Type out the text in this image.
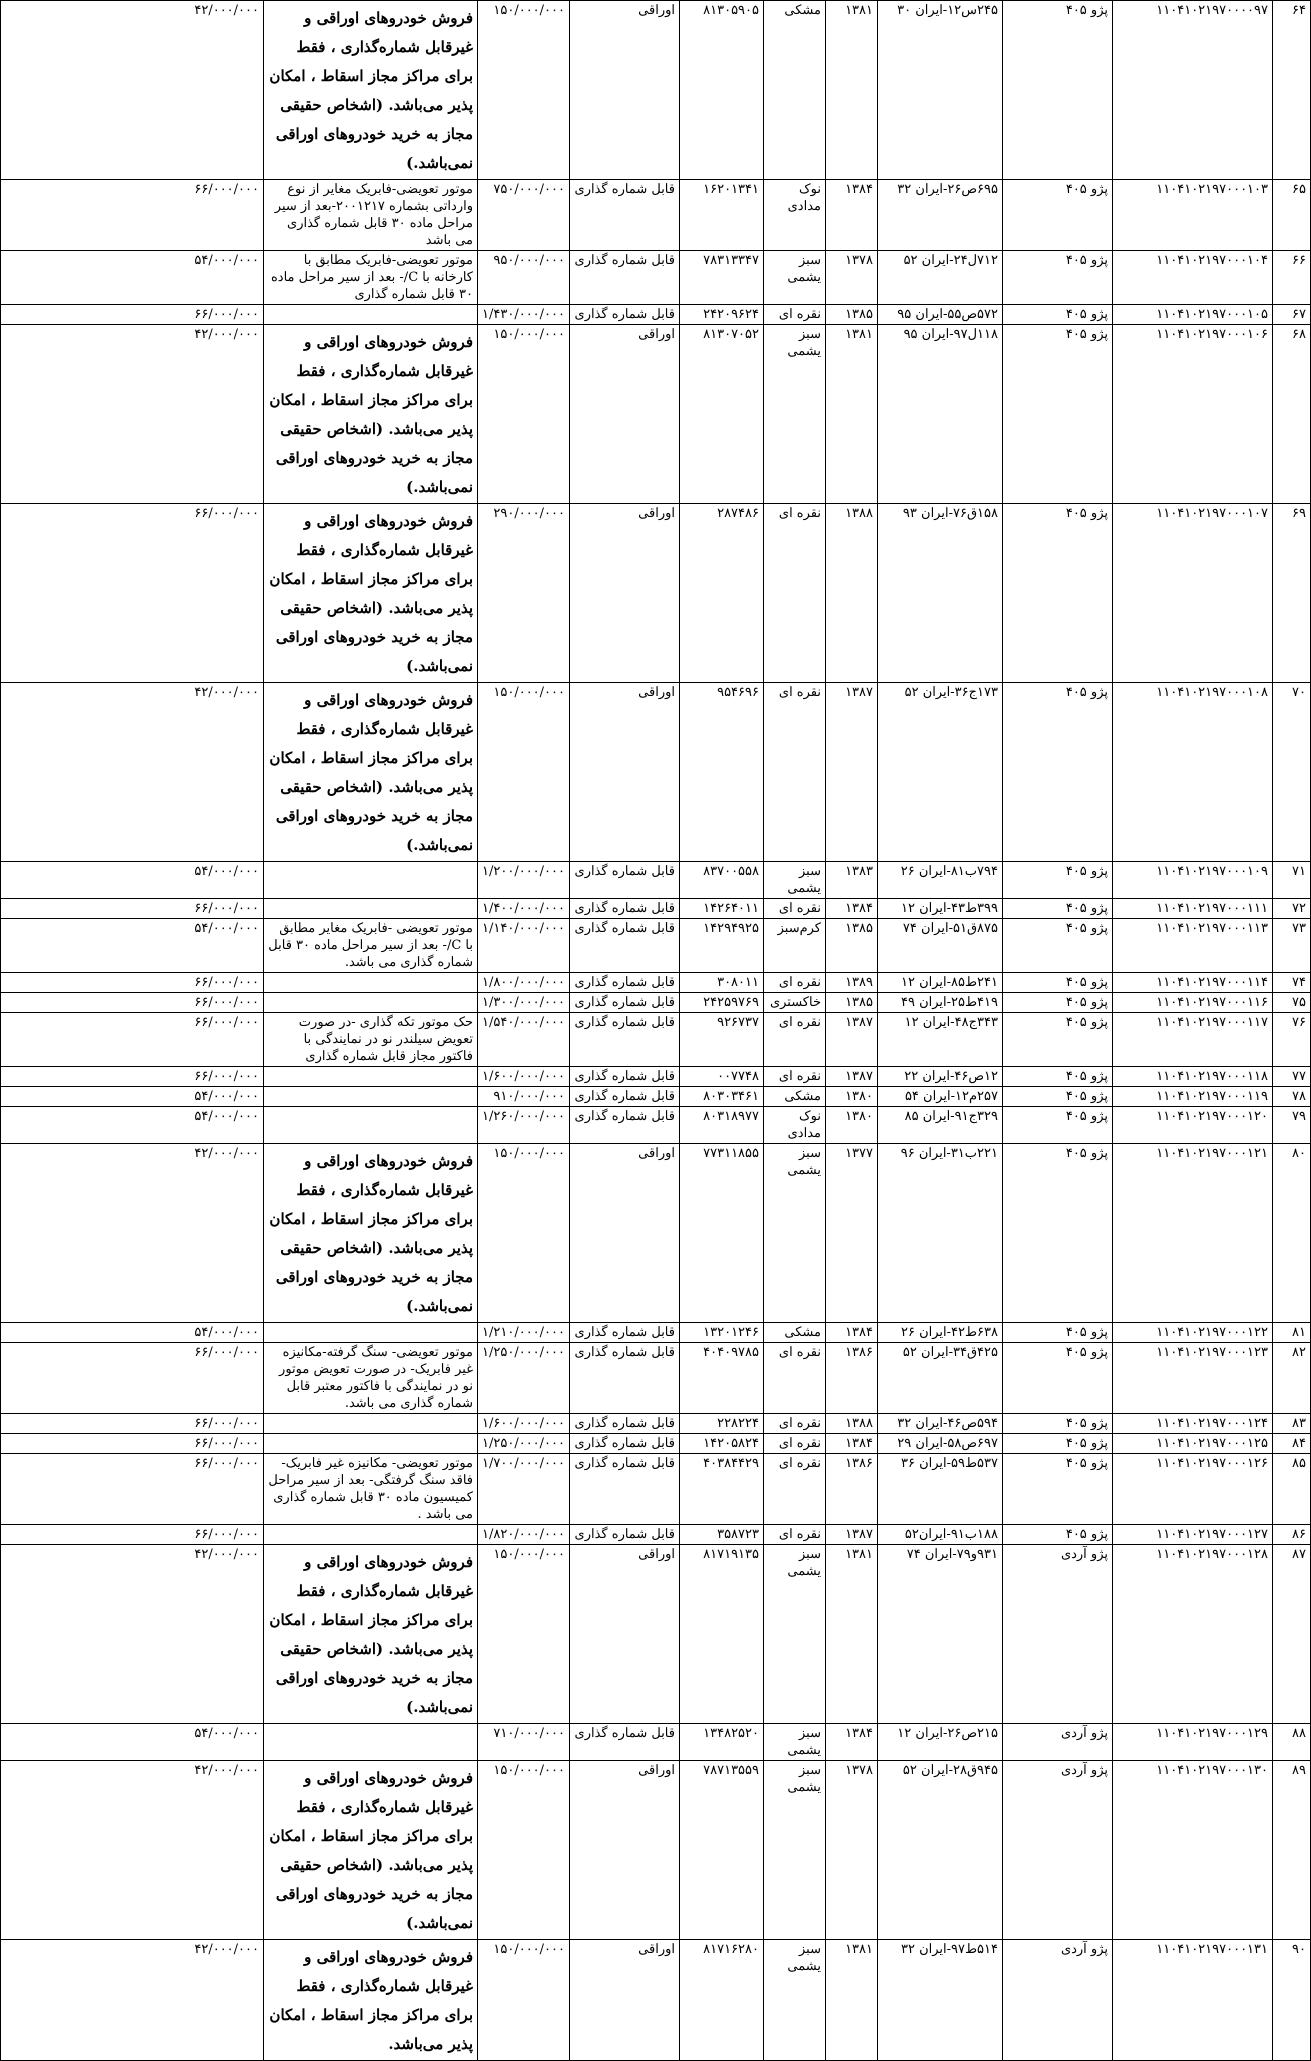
۶۴	۱۱۰۴۱۰۲۱۹۷۰۰۰۰۹۷	پژو ۴۰۵	۲۴۵س۱۲-ایران ۳۰	۱۳۸۱	مشکی	۸۱۳۰۵۹۰۵	اوراقی	۱۵۰/۰۰۰/۰۰۰	فروش خودروهای اوراقی و غیرقابل شماره‌گذاری ، فقط برای مراکز مجاز اسقاط ، امکان پذیر می‌باشد. (اشخاص حقیقی مجاز به خرید خودروهای اوراقی نمی‌باشد.)	۴۲/۰۰۰/۰۰۰
۶۵	۱۱۰۴۱۰۲۱۹۷۰۰۰۱۰۳	پژو ۴۰۵	۶۹۵ص۲۶-ایران ۳۲	۱۳۸۴	نوک مدادی	۱۶۲۰۱۳۴۱	قابل شماره گذاری	۷۵۰/۰۰۰/۰۰۰	موتور تعویضی-فابریک مغایر از نوع وارداتی بشماره ۲۰۰۱۲۱۷-بعد از سیر مراحل ماده ۳۰ قابل شماره گذاری می باشد	۶۶/۰۰۰/۰۰۰
۶۶	۱۱۰۴۱۰۲۱۹۷۰۰۰۱۰۴	پژو ۴۰۵	۷۱۲ل۲۴-ایران ۵۲	۱۳۷۸	سبز یشمی	۷۸۳۱۳۳۴۷	قابل شماره گذاری	۹۵۰/۰۰۰/۰۰۰	موتور تعویضی-فابریک مطابق با کارخانه با C/- بعد از سیر مراحل ماده ۳۰ قابل شماره گذاری	۵۴/۰۰۰/۰۰۰
۶۷	۱۱۰۴۱۰۲۱۹۷۰۰۰۱۰۵	پژو ۴۰۵	۵۷۲ص۵۵-ایران ۹۵	۱۳۸۵	نقره ای	۲۴۲۰۹۶۲۴	قابل شماره گذاری	۱/۴۳۰/۰۰۰/۰۰۰		۶۶/۰۰۰/۰۰۰
۶۸	۱۱۰۴۱۰۲۱۹۷۰۰۰۱۰۶	پژو ۴۰۵	۱۱۸ل۹۷-ایران ۹۵	۱۳۸۱	سبز یشمی	۸۱۳۰۷۰۵۲	اوراقی	۱۵۰/۰۰۰/۰۰۰	فروش خودروهای اوراقی و غیرقابل شماره‌گذاری ، فقط برای مراکز مجاز اسقاط ، امکان پذیر می‌باشد. (اشخاص حقیقی مجاز به خرید خودروهای اوراقی نمی‌باشد.)	۴۲/۰۰۰/۰۰۰
۶۹	۱۱۰۴۱۰۲۱۹۷۰۰۰۱۰۷	پژو ۴۰۵	۱۵۸ق۷۶-ایران ۹۳	۱۳۸۸	نقره ای	۲۸۷۴۸۶	اوراقی	۲۹۰/۰۰۰/۰۰۰	فروش خودروهای اوراقی و غیرقابل شماره‌گذاری ، فقط برای مراکز مجاز اسقاط ، امکان پذیر می‌باشد. (اشخاص حقیقی مجاز به خرید خودروهای اوراقی نمی‌باشد.)	۶۶/۰۰۰/۰۰۰
۷۰	۱۱۰۴۱۰۲۱۹۷۰۰۰۱۰۸	پژو ۴۰۵	۱۷۳ج۳۶-ایران ۵۲	۱۳۸۷	نقره ای	۹۵۴۶۹۶	اوراقی	۱۵۰/۰۰۰/۰۰۰	فروش خودروهای اوراقی و غیرقابل شماره‌گذاری ، فقط برای مراکز مجاز اسقاط ، امکان پذیر می‌باشد. (اشخاص حقیقی مجاز به خرید خودروهای اوراقی نمی‌باشد.)	۴۲/۰۰۰/۰۰۰
۷۱	۱۱۰۴۱۰۲۱۹۷۰۰۰۱۰۹	پژو ۴۰۵	۷۹۴ب۸۱-ایران ۲۶	۱۳۸۳	سبز یشمی	۸۳۷۰۰۵۵۸	قابل شماره گذاری	۱/۲۰۰/۰۰۰/۰۰۰		۵۴/۰۰۰/۰۰۰
۷۲	۱۱۰۴۱۰۲۱۹۷۰۰۰۱۱۱	پژو ۴۰۵	۳۹۹ط۴۳-ایران ۱۲	۱۳۸۴	نقره ای	۱۴۲۶۴۰۱۱	قابل شماره گذاری	۱/۴۰۰/۰۰۰/۰۰۰		۶۶/۰۰۰/۰۰۰
۷۳	۱۱۰۴۱۰۲۱۹۷۰۰۰۱۱۳	پژو ۴۰۵	۸۷۵ق۵۱-ایران ۷۴	۱۳۸۵	کرم‌سبز	۱۴۲۹۴۹۲۵	قابل شماره گذاری	۱/۱۴۰/۰۰۰/۰۰۰	موتور تعویضی -فابریک مغایر مطابق با C/- بعد از سیر مراحل ماده ۳۰ قابل شماره گذاری می باشد.	۵۴/۰۰۰/۰۰۰
۷۴	۱۱۰۴۱۰۲۱۹۷۰۰۰۱۱۴	پژو ۴۰۵	۲۴۱ط۸۵-ایران ۱۲	۱۳۸۹	نقره ای	۳۰۸۰۱۱	قابل شماره گذاری	۱/۸۰۰/۰۰۰/۰۰۰		۶۶/۰۰۰/۰۰۰
۷۵	۱۱۰۴۱۰۲۱۹۷۰۰۰۱۱۶	پژو ۴۰۵	۴۱۹ط۲۵-ایران ۴۹	۱۳۸۵	خاکستری	۲۴۲۵۹۷۶۹	قابل شماره گذاری	۱/۳۰۰/۰۰۰/۰۰۰		۶۶/۰۰۰/۰۰۰
۷۶	۱۱۰۴۱۰۲۱۹۷۰۰۰۱۱۷	پژو ۴۰۵	۳۴۳ج۴۸-ایران ۱۲	۱۳۸۷	نقره ای	۹۲۶۷۳۷	قابل شماره گذاری	۱/۵۴۰/۰۰۰/۰۰۰	حک موتور تکه گذاری -در صورت تعویض سیلندر نو در نمایندگی با فاکتور مجاز قابل شماره گذاری	۶۶/۰۰۰/۰۰۰
۷۷	۱۱۰۴۱۰۲۱۹۷۰۰۰۱۱۸	پژو ۴۰۵	۱۲ص۴۶-ایران ۲۲	۱۳۸۷	نقره ای	۰۰۷۷۴۸	قابل شماره گذاری	۱/۶۰۰/۰۰۰/۰۰۰		۶۶/۰۰۰/۰۰۰
۷۸	۱۱۰۴۱۰۲۱۹۷۰۰۰۱۱۹	پژو ۴۰۵	۲۵۷م۱۲-ایران ۵۴	۱۳۸۰	مشکی	۸۰۳۰۳۴۶۱	قابل شماره گذاری	۹۱۰/۰۰۰/۰۰۰		۵۴/۰۰۰/۰۰۰
۷۹	۱۱۰۴۱۰۲۱۹۷۰۰۰۱۲۰	پژو ۴۰۵	۳۲۹ج۹۱-ایران ۸۵	۱۳۸۰	نوک مدادی	۸۰۳۱۸۹۷۷	قابل شماره گذاری	۱/۲۶۰/۰۰۰/۰۰۰		۵۴/۰۰۰/۰۰۰
۸۰	۱۱۰۴۱۰۲۱۹۷۰۰۰۱۲۱	پژو ۴۰۵	۲۲۱ب۳۱-ایران ۹۶	۱۳۷۷	سبز یشمی	۷۷۳۱۱۸۵۵	اوراقی	۱۵۰/۰۰۰/۰۰۰	فروش خودروهای اوراقی و غیرقابل شماره‌گذاری ، فقط برای مراکز مجاز اسقاط ، امکان پذیر می‌باشد. (اشخاص حقیقی مجاز به خرید خودروهای اوراقی نمی‌باشد.)	۴۲/۰۰۰/۰۰۰
۸۱	۱۱۰۴۱۰۲۱۹۷۰۰۰۱۲۲	پژو ۴۰۵	۶۳۸ط۴۲-ایران ۲۶	۱۳۸۴	مشکی	۱۳۲۰۱۲۴۶	قابل شماره گذاری	۱/۲۱۰/۰۰۰/۰۰۰		۵۴/۰۰۰/۰۰۰
۸۲	۱۱۰۴۱۰۲۱۹۷۰۰۰۱۲۳	پژو ۴۰۵	۴۲۵ق۳۴-ایران ۵۲	۱۳۸۶	نقره ای	۴۰۴۰۹۷۸۵	قابل شماره گذاری	۱/۲۵۰/۰۰۰/۰۰۰	موتور تعویضی- سنگ گرفته-مکانیزه غیر فابریک- در صورت تعویض موتور نو در نمایندگی با فاکتور معتبر قابل شماره گذاری می باشد.	۶۶/۰۰۰/۰۰۰
۸۳	۱۱۰۴۱۰۲۱۹۷۰۰۰۱۲۴	پژو ۴۰۵	۵۹۴ص۴۶-ایران ۳۲	۱۳۸۸	نقره ای	۲۲۸۲۲۴	قابل شماره گذاری	۱/۶۰۰/۰۰۰/۰۰۰		۶۶/۰۰۰/۰۰۰
۸۴	۱۱۰۴۱۰۲۱۹۷۰۰۰۱۲۵	پژو ۴۰۵	۶۹۷ص۵۸-ایران ۲۹	۱۳۸۴	نقره ای	۱۴۲۰۵۸۲۴	قابل شماره گذاری	۱/۲۵۰/۰۰۰/۰۰۰		۶۶/۰۰۰/۰۰۰
۸۵	۱۱۰۴۱۰۲۱۹۷۰۰۰۱۲۶	پژو ۴۰۵	۵۳۷ط۵۹-ایران ۳۶	۱۳۸۶	نقره ای	۴۰۳۸۴۴۲۹	قابل شماره گذاری	۱/۷۰۰/۰۰۰/۰۰۰	موتور تعویضی- مکانیزه غیر فابریک- فاقد سنگ گرفتگی- بعد از سیر مراحل کمیسیون ماده ۳۰ قابل شماره گذاری می باشد .	۶۶/۰۰۰/۰۰۰
۸۶	۱۱۰۴۱۰۲۱۹۷۰۰۰۱۲۷	پژو ۴۰۵	۱۸۸ب۹۱-ایران۵۲	۱۳۸۷	نقره ای	۳۵۸۷۲۳	قابل شماره گذاری	۱/۸۲۰/۰۰۰/۰۰۰		۶۶/۰۰۰/۰۰۰
۸۷	۱۱۰۴۱۰۲۱۹۷۰۰۰۱۲۸	پژو آردی	۹۳۱و۷۹-ایران ۷۴	۱۳۸۱	سبز یشمی	۸۱۷۱۹۱۳۵	اوراقی	۱۵۰/۰۰۰/۰۰۰	فروش خودروهای اوراقی و غیرقابل شماره‌گذاری ، فقط برای مراکز مجاز اسقاط ، امکان پذیر می‌باشد. (اشخاص حقیقی مجاز به خرید خودروهای اوراقی نمی‌باشد.)	۴۲/۰۰۰/۰۰۰
۸۸	۱۱۰۴۱۰۲۱۹۷۰۰۰۱۲۹	پژو آردی	۲۱۵ص۲۶-ایران ۱۲	۱۳۸۴	سبز یشمی	۱۳۴۸۲۵۲۰	قابل شماره گذاری	۷۱۰/۰۰۰/۰۰۰		۵۴/۰۰۰/۰۰۰
۸۹	۱۱۰۴۱۰۲۱۹۷۰۰۰۱۳۰	پژو آردی	۹۴۵ق۲۸-ایران ۵۲	۱۳۷۸	سبز یشمی	۷۸۷۱۳۵۵۹	اوراقی	۱۵۰/۰۰۰/۰۰۰	فروش خودروهای اوراقی و غیرقابل شماره‌گذاری ، فقط برای مراکز مجاز اسقاط ، امکان پذیر می‌باشد. (اشخاص حقیقی مجاز به خرید خودروهای اوراقی نمی‌باشد.)	۴۲/۰۰۰/۰۰۰
۹۰	۱۱۰۴۱۰۲۱۹۷۰۰۰۱۳۱	پژو آردی	۵۱۴ط۹۷-ایران ۳۲	۱۳۸۱	سبز یشمی	۸۱۷۱۶۲۸۰	اوراقی	۱۵۰/۰۰۰/۰۰۰	فروش خودروهای اوراقی و غیرقابل شماره‌گذاری ، فقط برای مراکز مجاز اسقاط ، امکان پذیر می‌باشد.	۴۲/۰۰۰/۰۰۰
